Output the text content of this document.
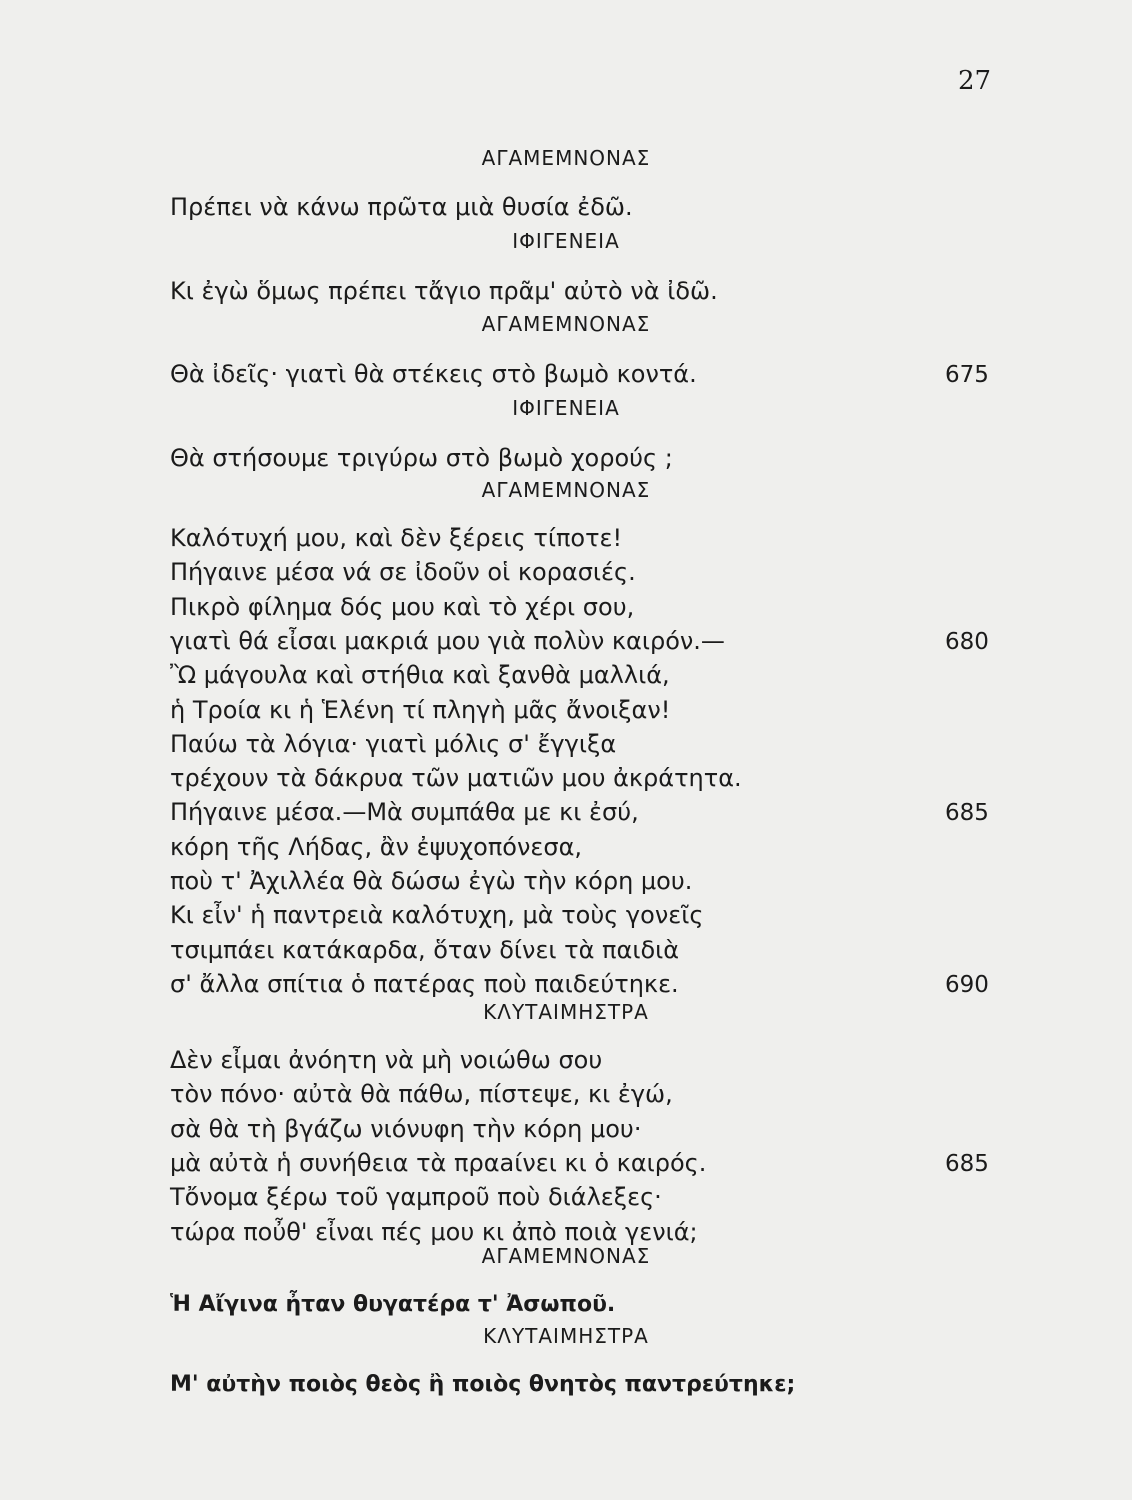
27
ΑΓΑΜΕΜΝΟΝΑΣ
Πρέπει νὰ κάνω πρῶτα μιὰ θυσία ἐδῶ.
ΙΦΙΓΕΝΕΙΑ
Κι ἐγὼ ὅμως πρέπει τἄγιο πρᾶμ' αὐτὸ νὰ ἰδῶ.
ΑΓΑΜΕΜΝΟΝΑΣ
Θὰ ἰδεῖς· γιατὶ θὰ στέκεις στὸ βωμὸ κοντά.	675
ΙΦΙΓΕΝΕΙΑ
Θὰ στήσουμε τριγύρω στὸ βωμὸ χορούς ;
ΑΓΑΜΕΜΝΟΝΑΣ
Καλότυχή μου, καὶ δὲν ξέρεις τίποτε!
Πήγαινε μέσα νά σε ἰδοῦν οἱ κορασιές.
Πικρὸ φίλημα δός μου καὶ τὸ χέρι σου,
γιατὶ θά εἶσαι μακριά μου γιὰ πολὺν καιρόν.—	680
Ὢ μάγουλα καὶ στήθια καὶ ξανθὰ μαλλιά,
ἡ Τροία κι ἡ Ἑλένη τί πληγὴ μᾶς ἄνοιξαν!
Παύω τὰ λόγια· γιατὶ μόλις σ' ἔγγιξα
τρέχουν τὰ δάκρυα τῶν ματιῶν μου ἀκράτητα.
Πήγαινε μέσα.—Μὰ συμπάθα με κι ἐσύ,	685
κόρη τῆς Λήδας, ἂν ἐψυχοπόνεσα,
ποὺ τ' Ἀχιλλέα θὰ δώσω ἐγὼ τὴν κόρη μου.
Κι εἶν' ἡ παντρειὰ καλότυχη, μὰ τοὺς γονεῖς
τσιμπάει κατάκαρδα, ὅταν δίνει τὰ παιδιὰ
σ' ἄλλα σπίτια ὁ πατέρας ποὺ παιδεύτηκε.	690
ΚΛΥΤΑΙΜΗΣΤΡΑ
Δὲν εἶμαι ἀνόητη νὰ μὴ νοιώθω σου
τὸν πόνο· αὐτὰ θὰ πάθω, πίστεψε, κι ἐγώ,
σὰ θὰ τὴ βγάζω νιόνυφη τὴν κόρη μου·
μὰ αὐτὰ ἡ συνήθεια τὰ πραaίνει κι ὁ καιρός.	685
Τὄνομα ξέρω τοῦ γαμπροῦ ποὺ διάλεξες·
τώρα ποὖθ' εἶναι πές μου κι ἀπὸ ποιὰ γενιά;
ΑΓΑΜΕΜΝΟΝΑΣ
Ἡ Αἴγινα ἦταν θυγατέρα τ' Ἀσωποῦ.
ΚΛΥΤΑΙΜΗΣΤΡΑ
Μ' αὐτὴν ποιὸς θεὸς ἢ ποιὸς θνητὸς παντρεύτηκε;
